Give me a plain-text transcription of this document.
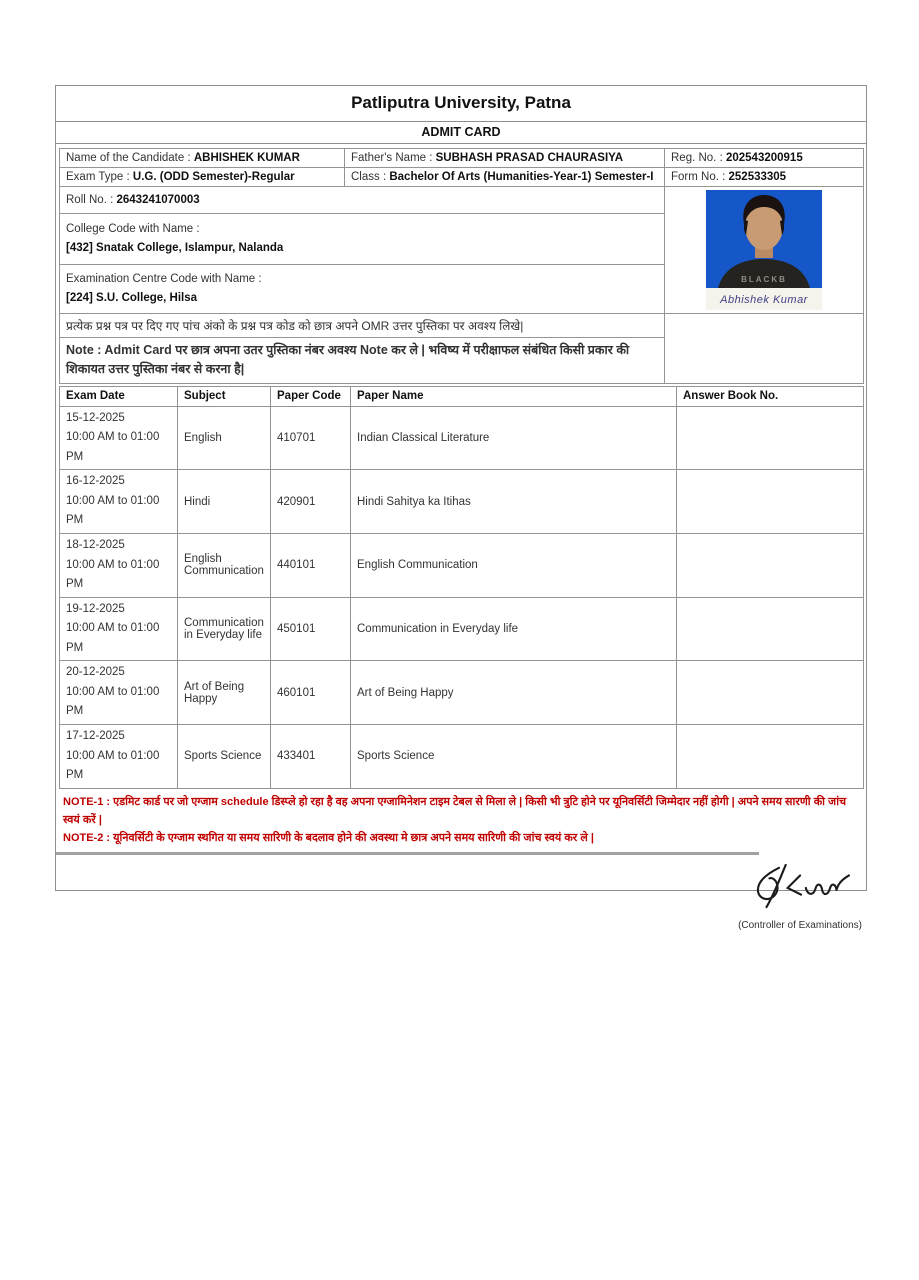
Patliputra University, Patna
ADMIT CARD
Name of the Candidate : ABHISHEK KUMAR	Father's Name : SUBHASH PRASAD CHAURASIYA	Reg. No. : 202543200915
Exam Type : U.G. (ODD Semester)-Regular	Class : Bachelor Of Arts (Humanities-Year-1) Semester-I	Form No. : 252533305
Roll No. : 2643241070003		BLACKB
Abhishek Kumar

College Code with Name :
[432] Snatak College, Islampur, Nalanda		

Examination Centre Code with Name :
[224] S.U. College, Hilsa		

प्रत्येक प्रश्न पत्र पर दिए गए पांच अंको के प्रश्न पत्र कोड को छात्र अपने OMR उत्तर पुस्तिका पर अवश्य लिखे|		
Note : Admit Card पर छात्र अपना उतर पुस्तिका नंबर अवश्य Note कर ले | भविष्य में परीक्षाफल संबंधित किसी प्रकार की शिकायत उत्तर पुस्तिका नंबर से करना है|		
Exam Date	Subject	Paper Code	Paper Name	Answer Book No.

15-12-2025
10:00 AM to 01:00 PM	English	410701	Indian Classical Literature	

16-12-2025
10:00 AM to 01:00 PM	Hindi	420901	Hindi Sahitya ka Itihas	

18-12-2025
10:00 AM to 01:00 PM	English Communication	440101	English Communication	

19-12-2025
10:00 AM to 01:00 PM	Communication in Everyday life	450101	Communication in Everyday life	

20-12-2025
10:00 AM to 01:00 PM	Art of Being Happy	460101	Art of Being Happy	

17-12-2025
10:00 AM to 01:00 PM	Sports Science	433401	Sports Science	
NOTE-1 : एडमिट कार्ड पर जो एग्जाम schedule डिस्प्ले हो रहा है वह अपना एग्जामिनेशन टाइम टेबल से मिला ले | किसी भी त्रुटि होने पर यूनिवर्सिटी जिम्मेदार नहीं होगी | अपने समय सारणी की जांच स्वयं करें |
NOTE-2 : यूनिवर्सिटी के एग्जाम स्थगित या समय सारिणी के बदलाव होने की अवस्था मे छात्र अपने समय सारिणी की जांच स्वयं कर ले |
(Controller of Examinations)
